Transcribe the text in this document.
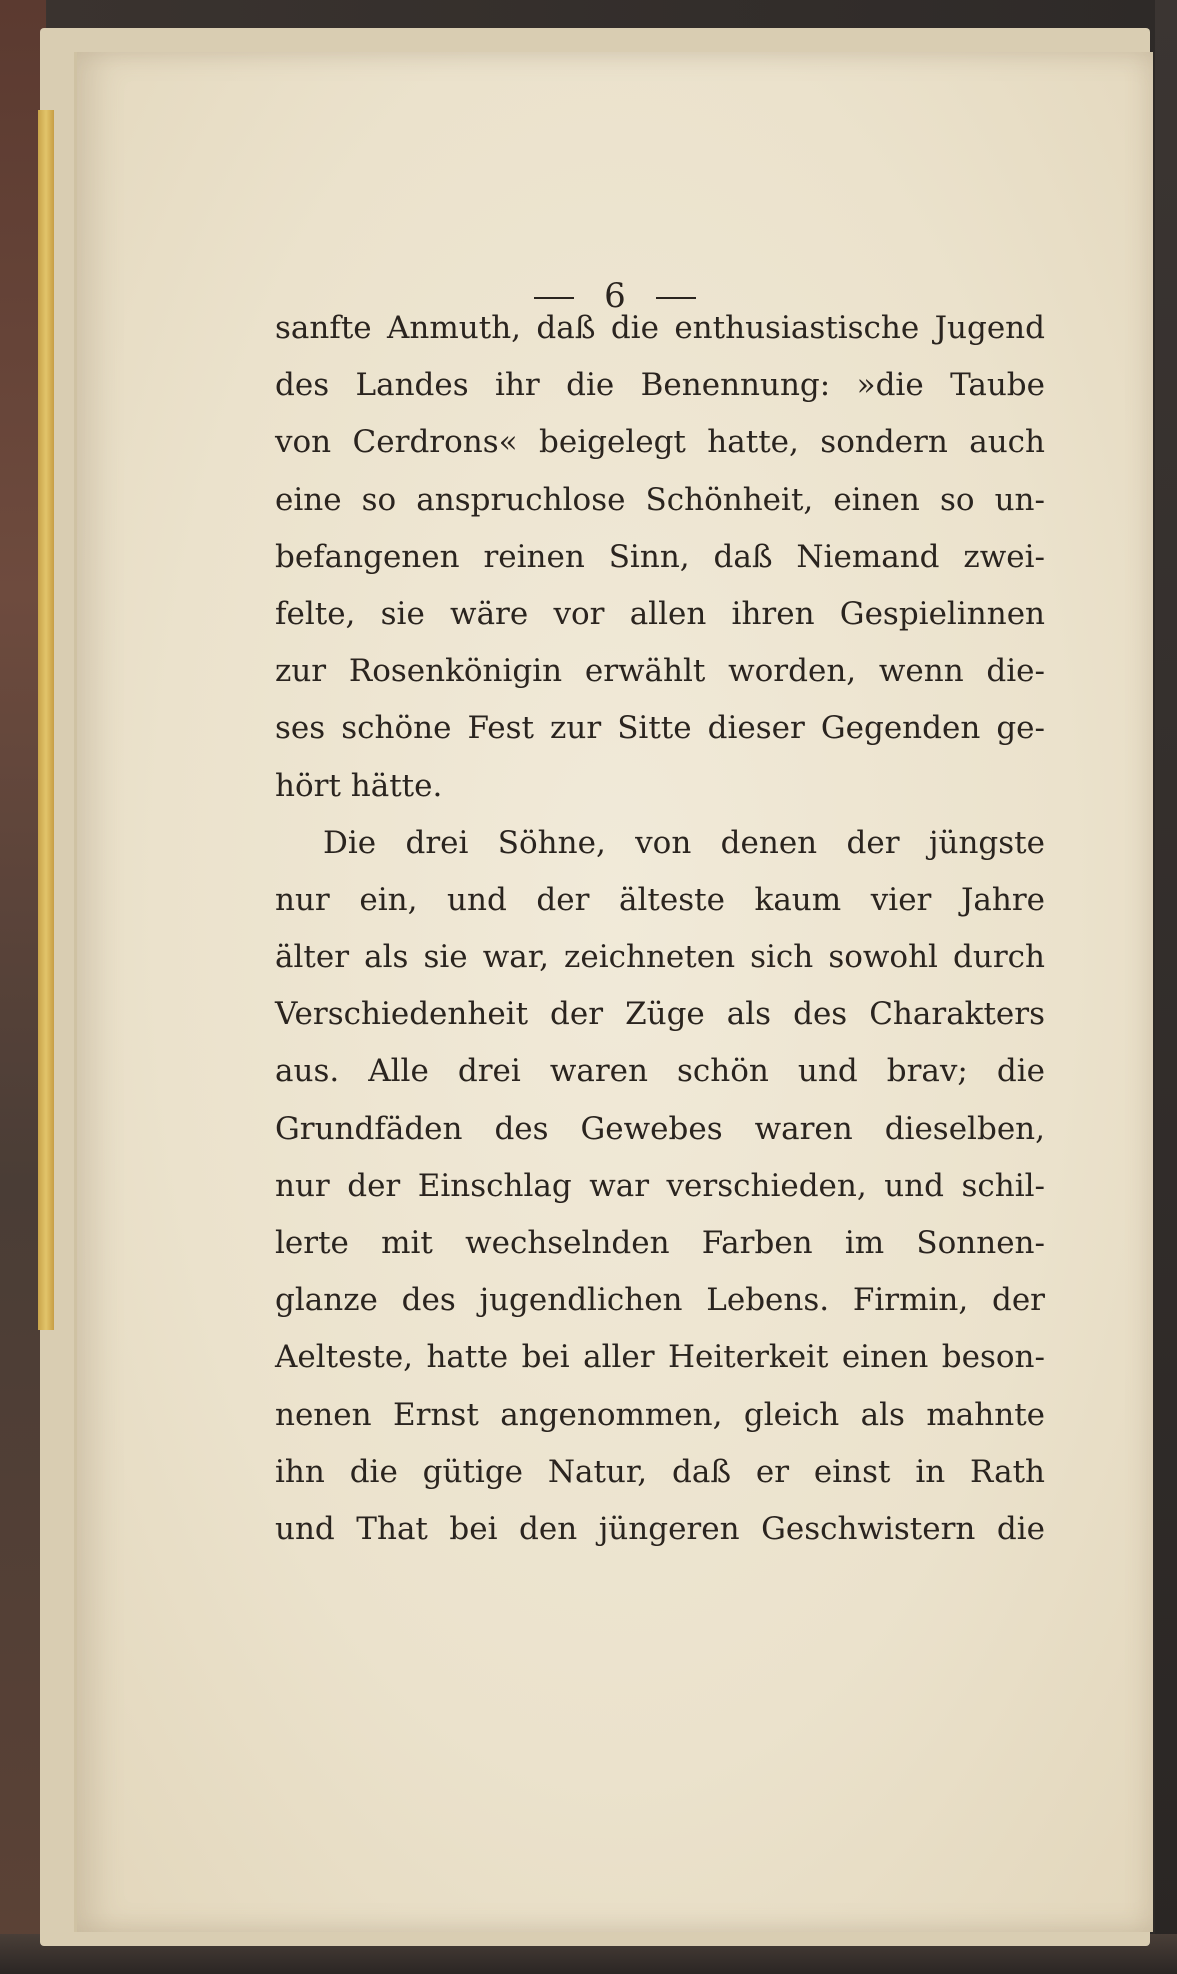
6
sanfte Anmuth, daß die enthusiastische Jugend
des Landes ihr die Benennung: »die Taube
von Cerdrons« beigelegt hatte, sondern auch
eine so anspruchlose Schönheit, einen so un-
befangenen reinen Sinn, daß Niemand zwei-
felte, sie wäre vor allen ihren Gespielinnen
zur Rosenkönigin erwählt worden, wenn die-
ses schöne Fest zur Sitte dieser Gegenden ge-
hört hätte.
Die drei Söhne, von denen der jüngste
nur ein, und der älteste kaum vier Jahre
älter als sie war, zeichneten sich sowohl durch
Verschiedenheit der Züge als des Charakters
aus. Alle drei waren schön und brav; die
Grundfäden des Gewebes waren dieselben,
nur der Einschlag war verschieden, und schil-
lerte mit wechselnden Farben im Sonnen-
glanze des jugendlichen Lebens. Firmin, der
Aelteste, hatte bei aller Heiterkeit einen beson-
nenen Ernst angenommen, gleich als mahnte
ihn die gütige Natur, daß er einst in Rath
und That bei den jüngeren Geschwistern die
